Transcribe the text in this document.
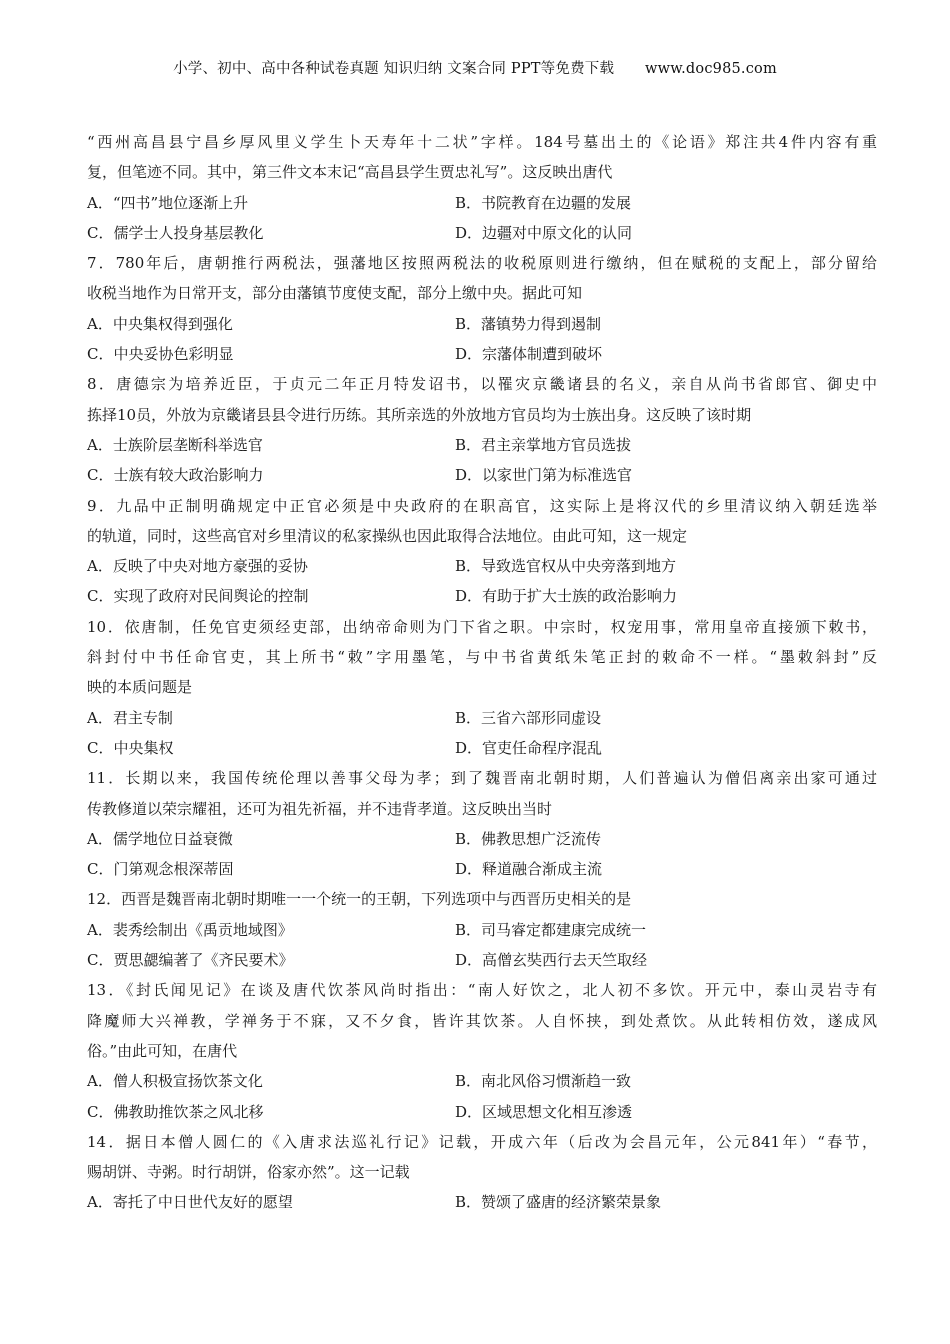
小学、初中、高中各种试卷真题 知识归纳 文案合同 PPT等免费下载 www.doc985.com
“西州高昌县宁昌乡厚风里义学生卜天寿年十二状”字样。184号墓出土的《论语》郑注共4件内容有重
复，但笔迹不同。其中，第三件文本末记“高昌县学生贾忠礼写”。这反映出唐代
A．“四书”地位逐渐上升	B．书院教育在边疆的发展
C．儒学士人投身基层教化	D．边疆对中原文化的认同
7．780年后，唐朝推行两税法，强藩地区按照两税法的收税原则进行缴纳，但在赋税的支配上，部分留给
收税当地作为日常开支，部分由藩镇节度使支配，部分上缴中央。据此可知
A．中央集权得到强化	B．藩镇势力得到遏制
C．中央妥协色彩明显	D．宗藩体制遭到破坏
8．唐德宗为培养近臣，于贞元二年正月特发诏书，以罹灾京畿诸县的名义，亲自从尚书省郎官、御史中
拣择10员，外放为京畿诸县县令进行历练。其所亲选的外放地方官员均为士族出身。这反映了该时期
A．士族阶层垄断科举选官	B．君主亲掌地方官员选拔
C．士族有较大政治影响力	D．以家世门第为标准选官
9．九品中正制明确规定中正官必须是中央政府的在职高官，这实际上是将汉代的乡里清议纳入朝廷选举
的轨道，同时，这些高官对乡里清议的私家操纵也因此取得合法地位。由此可知，这一规定
A．反映了中央对地方豪强的妥协	B．导致选官权从中央旁落到地方
C．实现了政府对民间舆论的控制	D．有助于扩大士族的政治影响力
10．依唐制，任免官吏须经吏部，出纳帝命则为门下省之职。中宗时，权宠用事，常用皇帝直接颁下敕书，
斜封付中书任命官吏，其上所书“敕”字用墨笔，与中书省黄纸朱笔正封的敕命不一样。“墨敕斜封”反
映的本质问题是
A．君主专制	B．三省六部形同虚设
C．中央集权	D．官吏任命程序混乱
11．长期以来，我国传统伦理以善事父母为孝；到了魏晋南北朝时期，人们普遍认为僧侣离亲出家可通过
传教修道以荣宗耀祖，还可为祖先祈福，并不违背孝道。这反映出当时
A．儒学地位日益衰微	B．佛教思想广泛流传
C．门第观念根深蒂固	D．释道融合渐成主流
12．西晋是魏晋南北朝时期唯一一个统一的王朝，下列选项中与西晋历史相关的是
A．裴秀绘制出《禹贡地域图》	B．司马睿定都建康完成统一
C．贾思勰编著了《齐民要术》	D．高僧玄奘西行去天竺取经
13．《封氏闻见记》在谈及唐代饮茶风尚时指出：“南人好饮之，北人初不多饮。开元中，泰山灵岩寺有
降魔师大兴禅教，学禅务于不寐，又不夕食，皆许其饮茶。人自怀挟，到处煮饮。从此转相仿效，遂成风
俗。”由此可知，在唐代
A．僧人积极宣扬饮茶文化	B．南北风俗习惯渐趋一致
C．佛教助推饮茶之风北移	D．区域思想文化相互渗透
14．据日本僧人圆仁的《入唐求法巡礼行记》记载，开成六年（后改为会昌元年，公元841年）“春节，
赐胡饼、寺粥。时行胡饼，俗家亦然”。这一记载
A．寄托了中日世代友好的愿望	B．赞颂了盛唐的经济繁荣景象
